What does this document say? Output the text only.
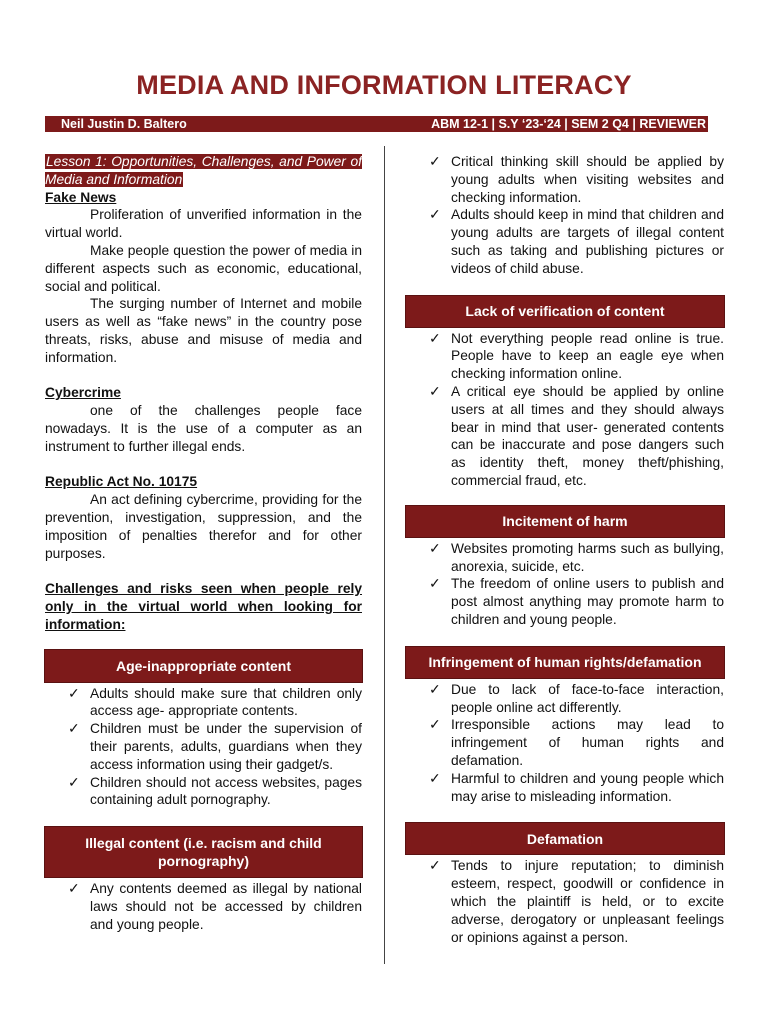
MEDIA AND INFORMATION LITERACY
Neil Justin D. Baltero	ABM 12-1 | S.Y ‘23-‘24 | SEM 2 Q4 | REVIEWER
Lesson 1: Opportunities, Challenges, and Power of Media and Information
Fake News

Proliferation of unverified information in the virtual world.

Make people question the power of media in different aspects such as economic, educational, social and political.

The surging number of Internet and mobile users as well as “fake news” in the country pose threats, risks, abuse and misuse of media and information.

Cybercrime

one of the challenges people face nowadays. It is the use of a computer as an instrument to further illegal ends.

Republic Act No. 10175

An act defining cybercrime, providing for the prevention, investigation, suppression, and the imposition of penalties therefor and for other purposes.

Challenges and risks seen when people rely only in the virtual world when looking for information:
Age-inappropriate content
✓ Adults should make sure that children only access age- appropriate contents.
✓ Children must be under the supervision of their parents, adults, guardians when they access information using their gadget/s.
✓ Children should not access websites, pages containing adult pornography.
Illegal content (i.e. racism and child pornography)
✓ Any contents deemed as illegal by national laws should not be accessed by children and young people.
✓ Critical thinking skill should be applied by young adults when visiting websites and checking information.
✓ Adults should keep in mind that children and young adults are targets of illegal content such as taking and publishing pictures or videos of child abuse.
Lack of verification of content
✓ Not everything people read online is true. People have to keep an eagle eye when checking information online.
✓ A critical eye should be applied by online users at all times and they should always bear in mind that user- generated contents can be inaccurate and pose dangers such as identity theft, money theft/phishing, commercial fraud, etc.
Incitement of harm
✓ Websites promoting harms such as bullying, anorexia, suicide, etc.
✓ The freedom of online users to publish and post almost anything may promote harm to children and young people.
Infringement of human rights/defamation
✓ Due to lack of face-to-face interaction, people online act differently.
✓ Irresponsible actions may lead to infringement of human rights and defamation.
✓ Harmful to children and young people which may arise to misleading information.
Defamation
✓ Tends to injure reputation; to diminish esteem, respect, goodwill or confidence in which the plaintiff is held, or to excite adverse, derogatory or unpleasant feelings or opinions against a person.
